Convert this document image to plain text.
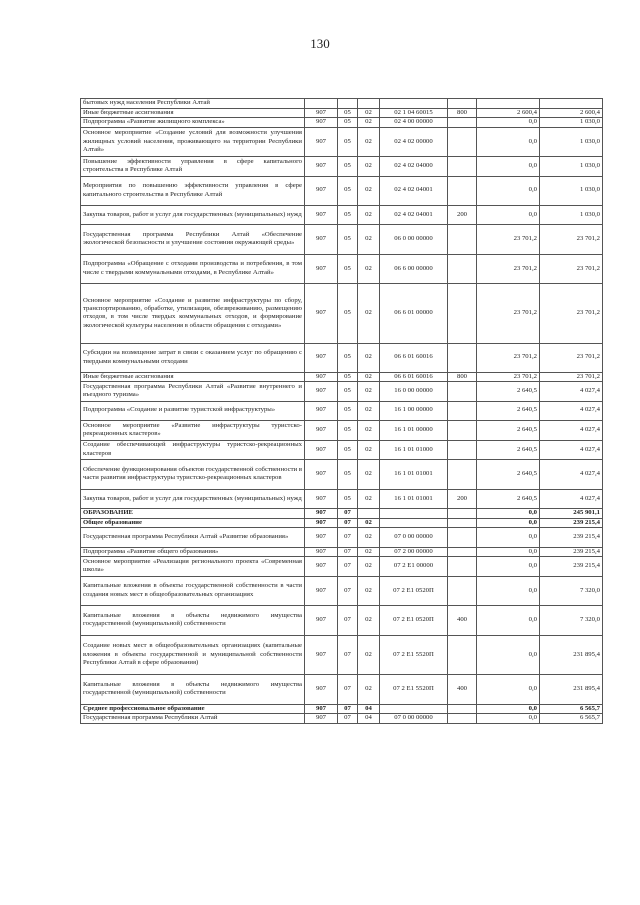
130
бытовых нужд населения Республики Алтай							
Иные бюджетные ассигнования	907	05	02	02 1 04 60015	800	2 600,4	2 600,4
Подпрограмма «Развитие жилищного комплекса»	907	05	02	02 4 00 00000		0,0	1 030,0
Основное мероприятие «Создание условий для возможности улучшения жилищных условий населения, проживающего на территории Республики Алтай»	907	05	02	02 4 02 00000		0,0	1 030,0
Повышение эффективности управления в сфере капитального строительства в Республике Алтай	907	05	02	02 4 02 04000		0,0	1 030,0
Мероприятия по повышению эффективности управления в сфере капитального строительства в Республике Алтай	907	05	02	02 4 02 04001		0,0	1 030,0
Закупка товаров, работ и услуг для государственных (муниципальных) нужд	907	05	02	02 4 02 04001	200	0,0	1 030,0
Государственная программа Республики Алтай «Обеспечение экологической безопасности и улучшение состояния окружающей среды»	907	05	02	06 0 00 00000		23 701,2	23 701,2
Подпрограмма «Обращение с отходами производства и потребления, в том числе с твердыми коммунальными отходами, в Республике Алтай»	907	05	02	06 6 00 00000		23 701,2	23 701,2
Основное мероприятие «Создание и развитие инфраструктуры по сбору, транспортированию, обработке, утилизации, обезвреживанию, размещению отходов, в том числе твердых коммунальных отходов, и формирование экологической культуры населения в области обращения с отходами»	907	05	02	06 6 01 00000		23 701,2	23 701,2
Субсидии на возмещение затрат в связи с оказанием услуг по обращению с твердыми коммунальными отходами	907	05	02	06 6 01 60016		23 701,2	23 701,2
Иные бюджетные ассигнования	907	05	02	06 6 01 60016	800	23 701,2	23 701,2
Государственная программа Республики Алтай «Развитие внутреннего и въездного туризма»	907	05	02	16 0 00 00000		2 640,5	4 027,4
Подпрограмма «Создание и развитие туристской инфраструктуры»	907	05	02	16 1 00 00000		2 640,5	4 027,4
Основное мероприятие «Развитие инфраструктуры туристско-рекреационных кластеров»	907	05	02	16 1 01 00000		2 640,5	4 027,4
Создание обеспечивающей инфраструктуры туристско-рекреационных кластеров	907	05	02	16 1 01 01000		2 640,5	4 027,4
Обеспечение функционирования объектов государственной собственности в части развития инфраструктуры туристско-рекреационных кластеров	907	05	02	16 1 01 01001		2 640,5	4 027,4
Закупка товаров, работ и услуг для государственных (муниципальных) нужд	907	05	02	16 1 01 01001	200	2 640,5	4 027,4
ОБРАЗОВАНИЕ	907	07				0,0	245 901,1
Общее образование	907	07	02			0,0	239 215,4
Государственная программа Республики Алтай «Развитие образования»	907	07	02	07 0 00 00000		0,0	239 215,4
Подпрограмма «Развитие общего образования»	907	07	02	07 2 00 00000		0,0	239 215,4
Основное мероприятие «Реализация регионального проекта «Современная школа»	907	07	02	07 2 E1 00000		0,0	239 215,4
Капитальные вложения в объекты государственной собственности в части создания новых мест в общеобразовательных организациях	907	07	02	07 2 E1 0520П		0,0	7 320,0
Капитальные вложения в объекты недвижимого имущества государственной (муниципальной) собственности	907	07	02	07 2 E1 0520П	400	0,0	7 320,0
Создание новых мест в общеобразовательных организациях (капитальные вложения в объекты государственной и муниципальной собственности Республики Алтай в сфере образования)	907	07	02	07 2 E1 5520П		0,0	231 895,4
Капитальные вложения в объекты недвижимого имущества государственной (муниципальной) собственности	907	07	02	07 2 E1 5520П	400	0,0	231 895,4
Среднее профессиональное образование	907	07	04			0,0	6 565,7
Государственная программа Республики Алтай	907	07	04	07 0 00 00000		0,0	6 565,7
